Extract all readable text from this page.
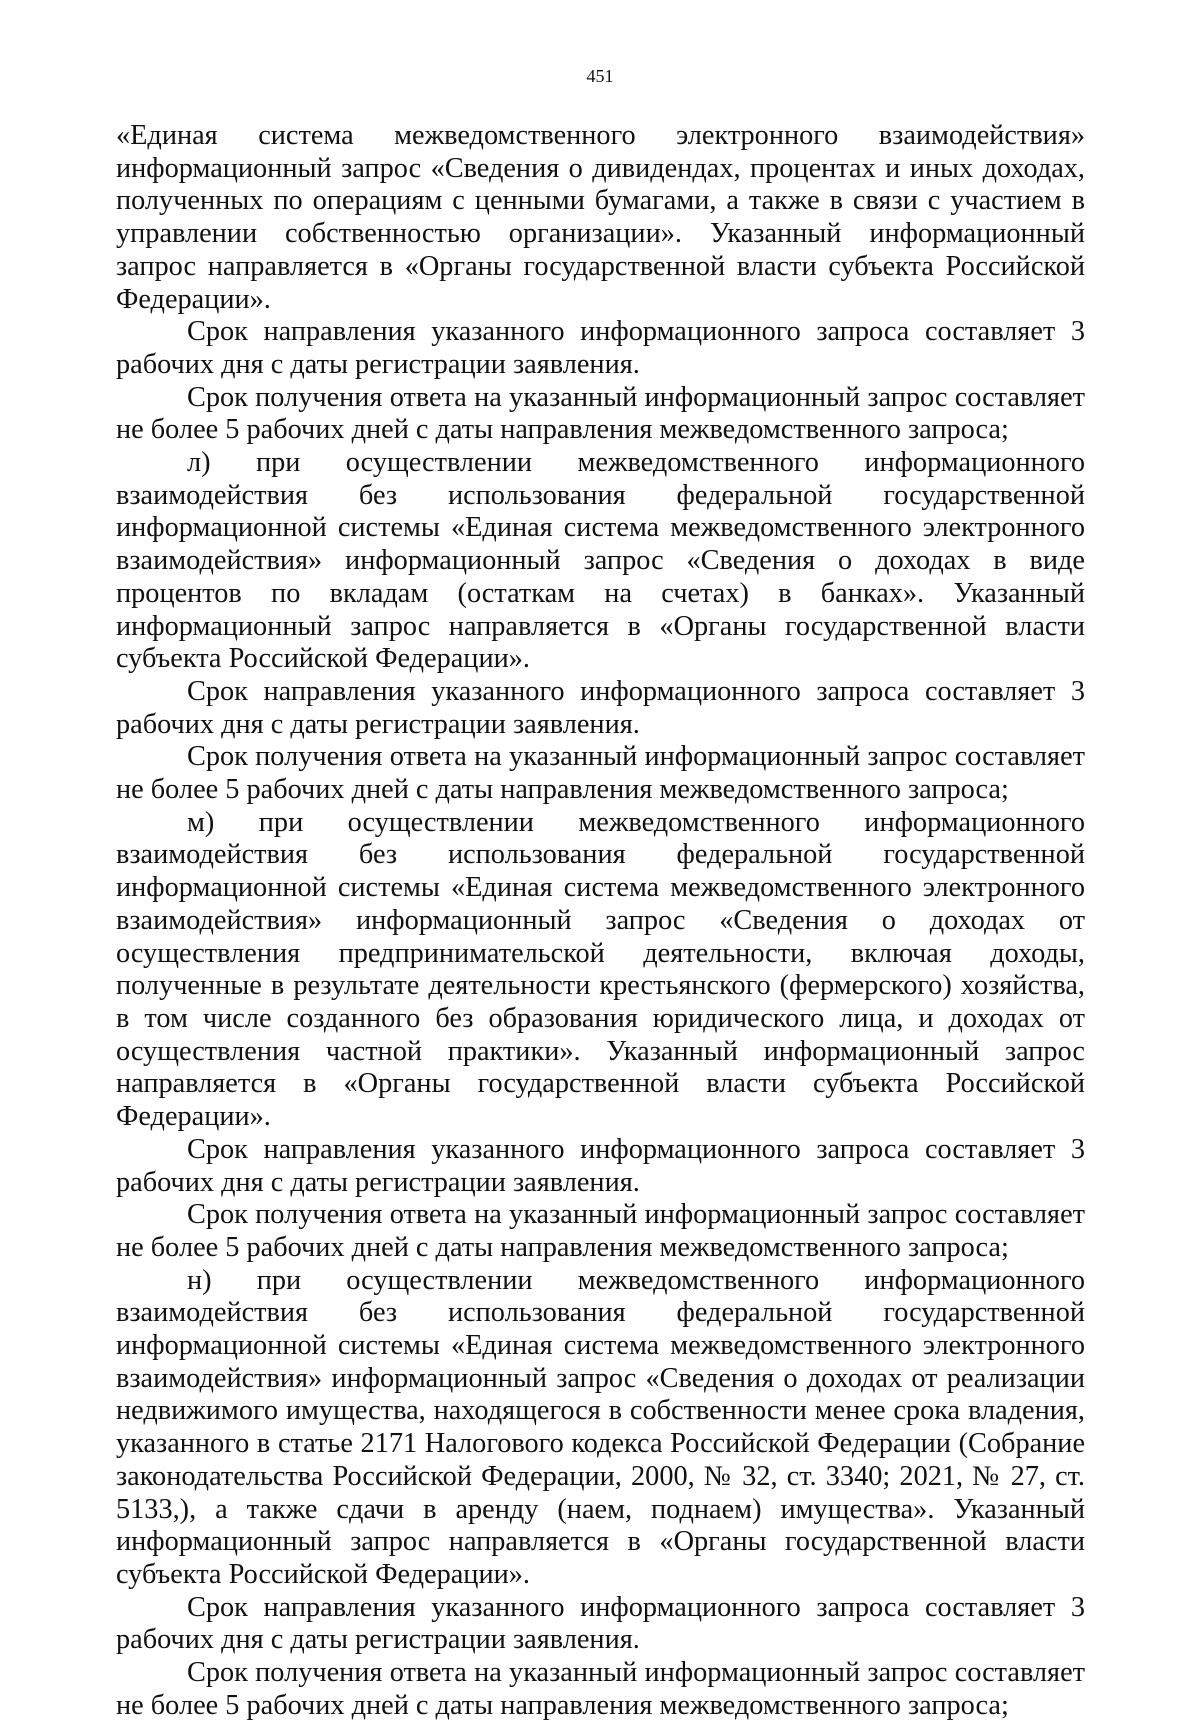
451

«Единая система межведомственного электронного взаимодействия» информационный запрос «Сведения о дивидендах, процентах и иных доходах, полученных по операциям с ценными бумагами, а также в связи с участием в управлении собственностью организации». Указанный информационный запрос направляется в «Органы государственной власти субъекта Российской Федерации».

Срок направления указанного информационного запроса составляет 3 рабочих дня с даты регистрации заявления.

Срок получения ответа на указанный информационный запрос составляет не более 5 рабочих дней с даты направления межведомственного запроса;

л) при осуществлении межведомственного информационного взаимодействия без использования федеральной государственной информационной системы «Единая система межведомственного электронного взаимодействия» информационный запрос «Сведения о доходах в виде процентов по вкладам (остаткам на счетах) в банках». Указанный информационный запрос направляется в «Органы государственной власти субъекта Российской Федерации».

Срок направления указанного информационного запроса составляет 3 рабочих дня с даты регистрации заявления.

Срок получения ответа на указанный информационный запрос составляет не более 5 рабочих дней с даты направления межведомственного запроса;

м) при осуществлении межведомственного информационного взаимодействия без использования федеральной государственной информационной системы «Единая система межведомственного электронного взаимодействия» информационный запрос «Сведения о доходах от осуществления предпринимательской деятельности, включая доходы, полученные в результате деятельности крестьянского (фермерского) хозяйства, в том числе созданного без образования юридического лица, и доходах от осуществления частной практики». Указанный информационный запрос направляется в «Органы государственной власти субъекта Российской Федерации».

Срок направления указанного информационного запроса составляет 3 рабочих дня с даты регистрации заявления.

Срок получения ответа на указанный информационный запрос составляет не более 5 рабочих дней с даты направления межведомственного запроса;

н) при осуществлении межведомственного информационного взаимодействия без использования федеральной государственной информационной системы «Единая система межведомственного электронного взаимодействия» информационный запрос «Сведения о доходах от реализации недвижимого имущества, находящегося в собственности менее срока владения, указанного в статье 2171 Налогового кодекса Российской Федерации (Собрание законодательства Российской Федерации, 2000, № 32, ст. 3340; 2021, № 27, ст. 5133,), а также сдачи в аренду (наем, поднаем) имущества». Указанный информационный запрос направляется в «Органы государственной власти субъекта Российской Федерации».

Срок направления указанного информационного запроса составляет 3 рабочих дня с даты регистрации заявления.

Срок получения ответа на указанный информационный запрос составляет не более 5 рабочих дней с даты направления межведомственного запроса;
